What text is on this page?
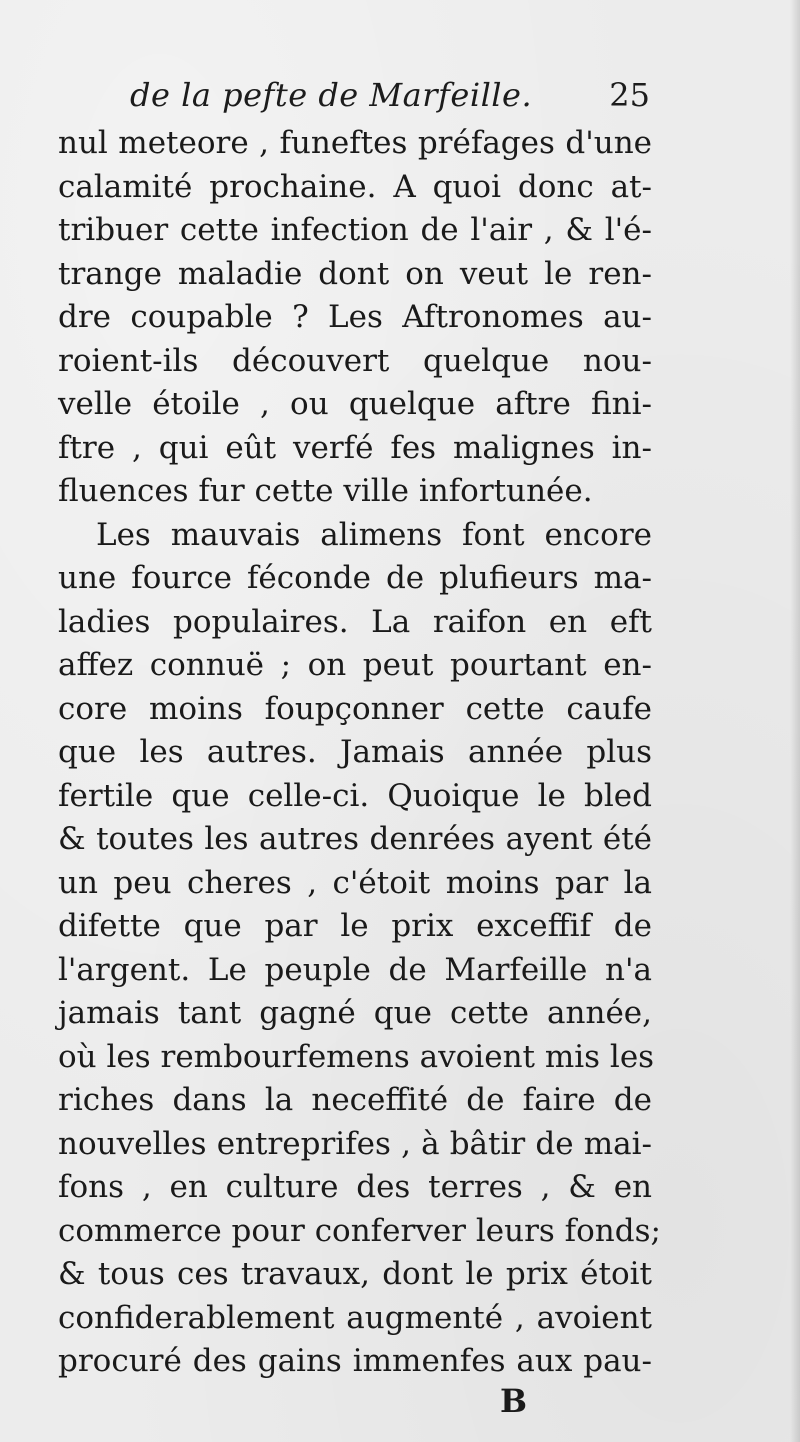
de la pefte de Marfeille. 25
nul meteore , funeftes préfages d'une
calamité prochaine. A quoi donc at-
tribuer cette infection de l'air , & l'é-
trange maladie dont on veut le ren-
dre coupable ? Les Aftronomes au-
roient-ils découvert quelque nou-
velle étoile , ou quelque aftre fini-
ftre , qui eût verfé fes malignes in-
fluences fur cette ville infortunée.
Les mauvais alimens font encore
une fource féconde de plufieurs ma-
ladies populaires. La raifon en eft
affez connuë ; on peut pourtant en-
core moins foupçonner cette caufe
que les autres. Jamais année plus
fertile que celle-ci. Quoique le bled
& toutes les autres denrées ayent été
un peu cheres , c'étoit moins par la
difette que par le prix exceffif de
l'argent. Le peuple de Marfeille n'a
jamais tant gagné que cette année,
où les rembourfemens avoient mis les
riches dans la neceffité de faire de
nouvelles entreprifes , à bâtir de mai-
fons , en culture des terres , & en
commerce pour conferver leurs fonds;
& tous ces travaux, dont le prix étoit
confiderablement augmenté , avoient
procuré des gains immenfes aux pau-
B
